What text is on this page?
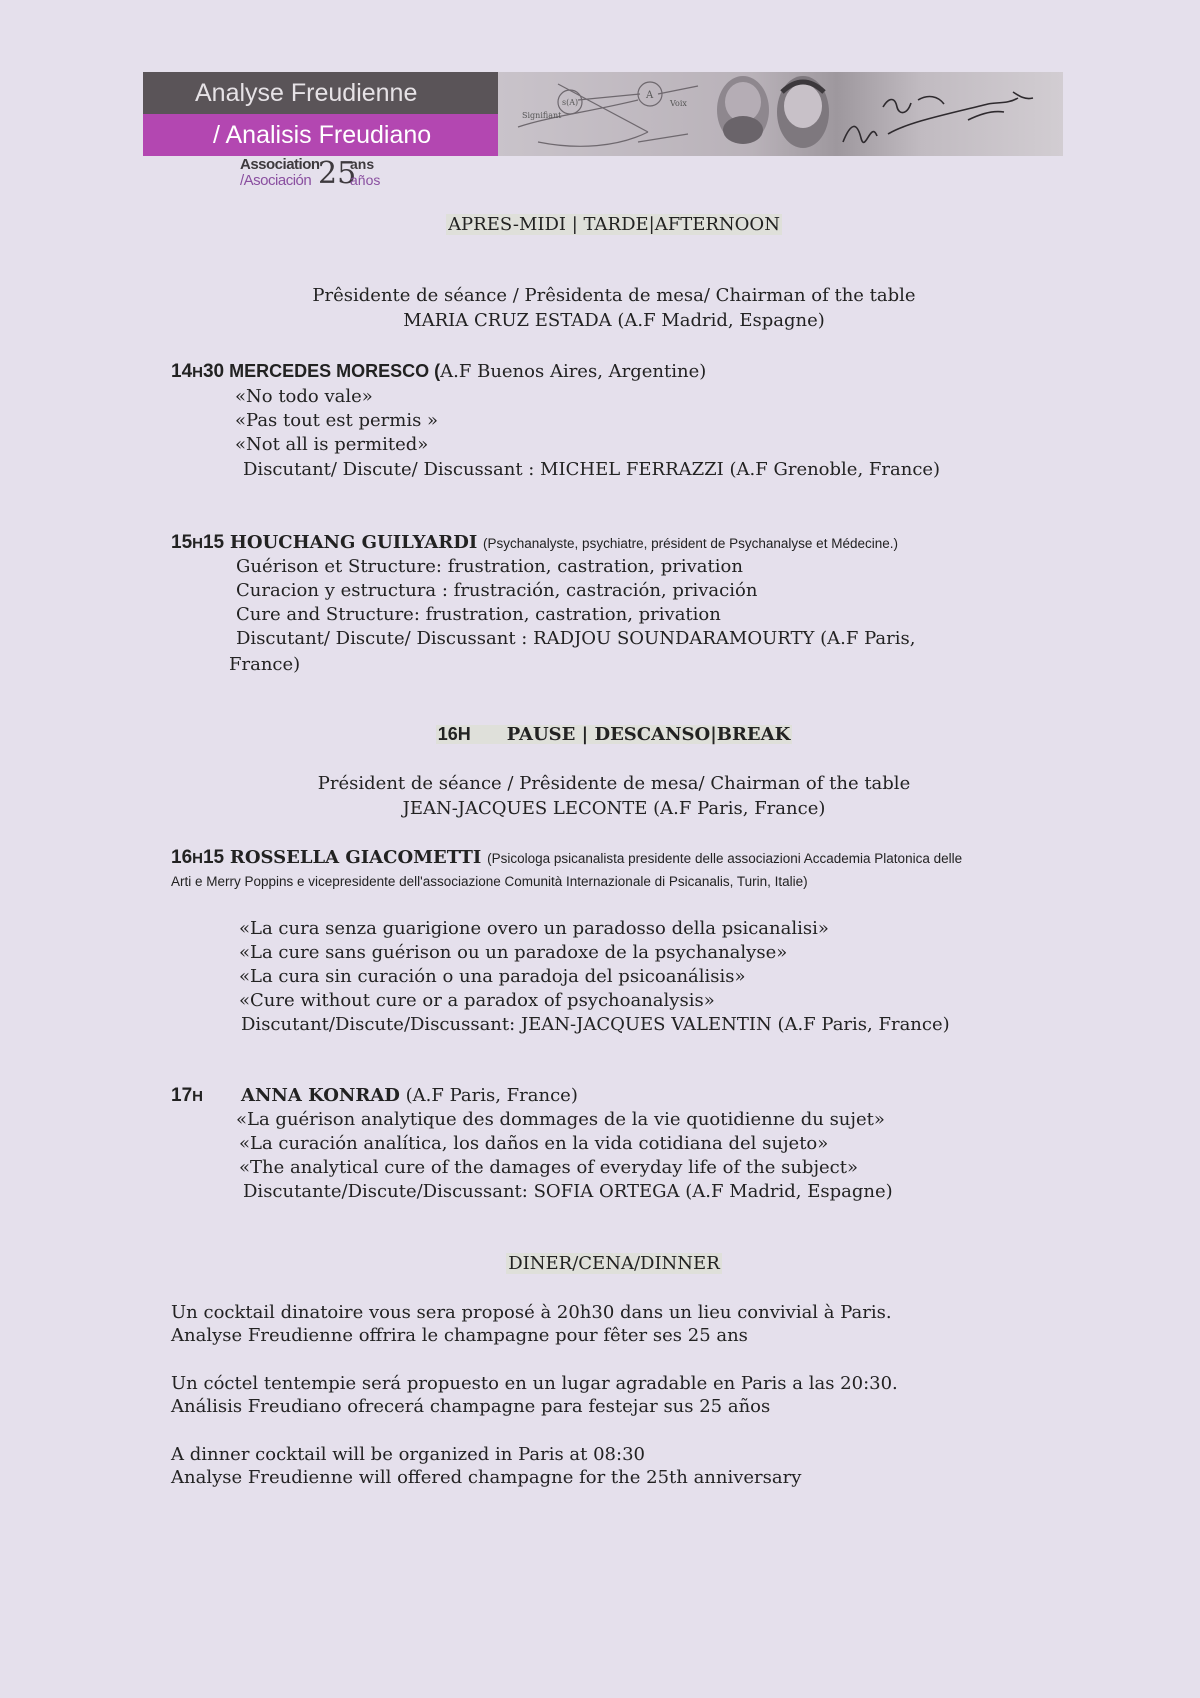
Analyse Freudienne
/ Analisis Freudiano
Signifiant
s(A)
A
Voix
Association
/Asociación 25
ans
años
APRES-MIDI | TARDE|AFTERNOON
Prêsidente de séance / Prêsidenta de mesa/ Chairman of the table
MARIA CRUZ ESTADA (A.F Madrid, Espagne)
14H30 MERCEDES MORESCO (A.F Buenos Aires, Argentine)
«No todo vale»
«Pas tout est permis »
«Not all is permited»
Discutant/ Discute/ Discussant : MICHEL FERRAZZI (A.F Grenoble, France)
15H15 HOUCHANG GUILYARDI (Psychanalyste, psychiatre, président de Psychanalyse et Médecine.)
Guérison et Structure: frustration, castration, privation
Curacion y estructura : frustración, castración, privación
Cure and Structure: frustration, castration, privation
Discutant/ Discute/ Discussant : RADJOU SOUNDARAMOURTY (A.F Paris,
France)
16H PAUSE | DESCANSO|BREAK
Président de séance / Prêsidente de mesa/ Chairman of the table
JEAN-JACQUES LECONTE (A.F Paris, France)
16H15 ROSSELLA GIACOMETTI (Psicologa psicanalista presidente delle associazioni Accademia Platonica delle
Arti e Merry Poppins e vicepresidente dell'associazione Comunità Internazionale di Psicanalis, Turin, Italie)
«La cura senza guarigione overo un paradosso della psicanalisi»
«La cure sans guérison ou un paradoxe de la psychanalyse»
«La cura sin curación o una paradoja del psicoanálisis»
«Cure without cure or a paradox of psychoanalysis»
Discutant/Discute/Discussant: JEAN-JACQUES VALENTIN (A.F Paris, France)
17H ANNA KONRAD (A.F Paris, France)
«La guérison analytique des dommages de la vie quotidienne du sujet»
«La curación analítica, los daños en la vida cotidiana del sujeto»
«The analytical cure of the damages of everyday life of the subject»
Discutante/Discute/Discussant: SOFIA ORTEGA (A.F Madrid, Espagne)
DINER/CENA/DINNER
Un cocktail dinatoire vous sera proposé à 20h30 dans un lieu convivial à Paris.
Analyse Freudienne offrira le champagne pour fêter ses 25 ans
Un cóctel tentempie será propuesto en un lugar agradable en Paris a las 20:30.
Análisis Freudiano ofrecerá champagne para festejar sus 25 años
A dinner cocktail will be organized in Paris at 08:30
Analyse Freudienne will offered champagne for the 25th anniversary
